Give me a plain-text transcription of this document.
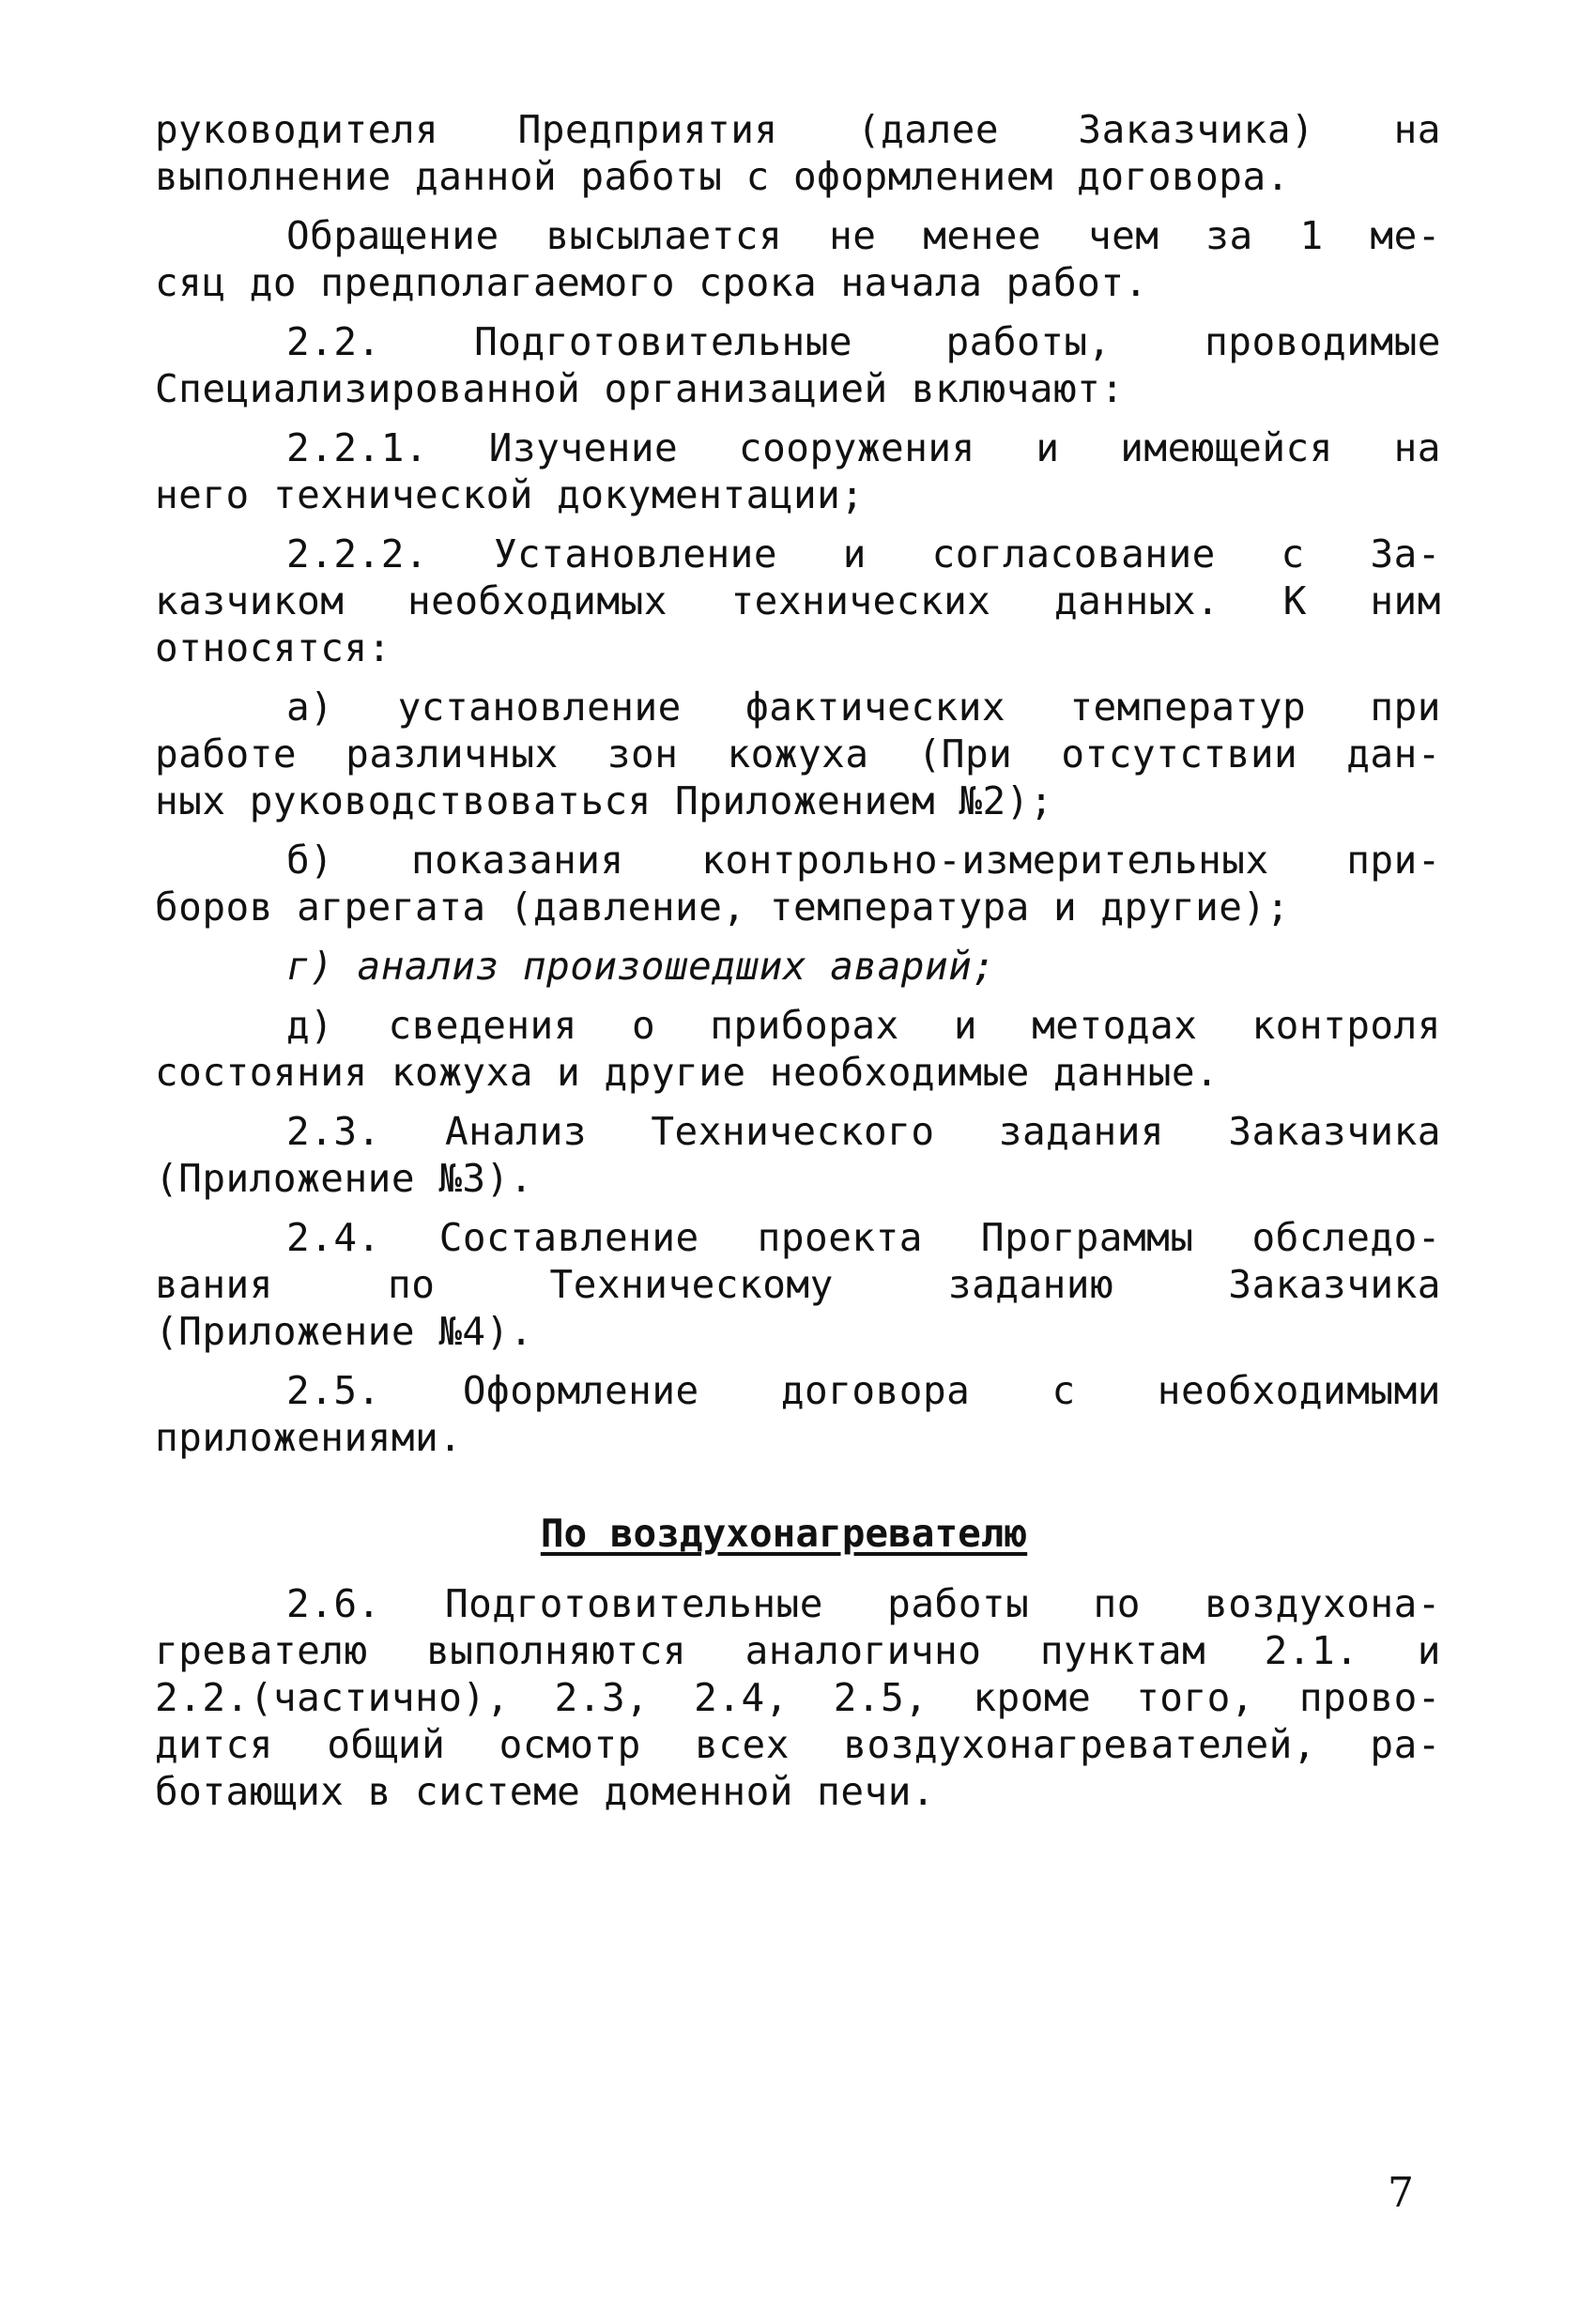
руководителя Предприятия (далее Заказчика) на
выполнение данной работы с оформлением договора.
Обращение высылается не менее чем за 1 ме-
сяц до предполагаемого срока начала работ.
2.2. Подготовительные работы, проводимые
Специализированной организацией включают:
2.2.1. Изучение сооружения и имеющейся на
него технической документации;
2.2.2. Установление и согласование с За-
казчиком необходимых технических данных. К ним
относятся:
а) установление фактических температур при
работе различных зон кожуха (При отсутствии дан-
ных руководствоваться Приложением №2);
б) показания контрольно-измерительных при-
боров агрегата (давление, температура и другие);
г) анализ произошедших аварий;
д) сведения о приборах и методах контроля
состояния кожуха и другие необходимые данные.
2.3. Анализ Технического задания Заказчика
(Приложение №3).
2.4. Составление проекта Программы обследо-
вания	по	Техническому	заданию	Заказчика
(Приложение №4).
2.5. Оформление договора с необходимыми
приложениями.
2.6. Подготовительные работы по воздухона-
гревателю выполняются аналогично пунктам 2.1. и
2.2.(частично), 2.3, 2.4, 2.5, кроме того, прово-
дится общий осмотр всех воздухонагревателей, ра-
ботающих в системе доменной печи.
По воздухонагревателю
7
